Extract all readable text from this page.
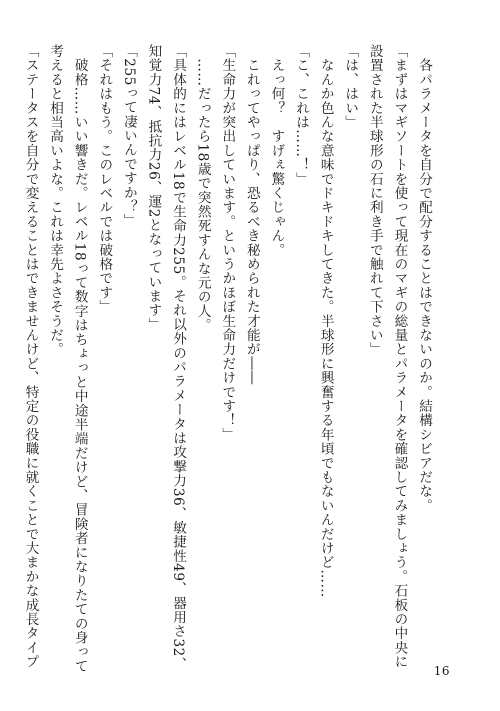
　各パラメータを自分で配分することはできないのか。結構シビアだな。
「まずはマギソートを使って現在のマギの総量とパラメータを確認してみましょう。石板の中央に
設置された半球形の石に利き手で触れて下さい」
「は、はい」
　なんか色んな意味でドキドキしてきた。半球形に興奮する年頃でもないんだけど……
「こ、これは……！」
　えっ何？　すげぇ驚くじゃん。
　これってやっぱり、恐るべき秘められた才能が――
「生命力が突出しています。というかほぼ生命力だけです！」
　……だったら18歳で突然死すんな元の人。
「具体的にはレベル18で生命力255。それ以外のパラメータは攻撃力36、敏捷性49、器用さ32、
知覚力74、抵抗力26、運2となっています」
「255って凄いんですか？」
「それはもう。このレベルでは破格です」
　破格……いい響きだ。レベル18って数字はちょっと中途半端だけど、冒険者になりたての身って
考えると相当高いよな。これは幸先よさそうだ。
「ステータスを自分で変えることはできませんけど、特定の役職に就くことで大まかな成長タイプ
16
